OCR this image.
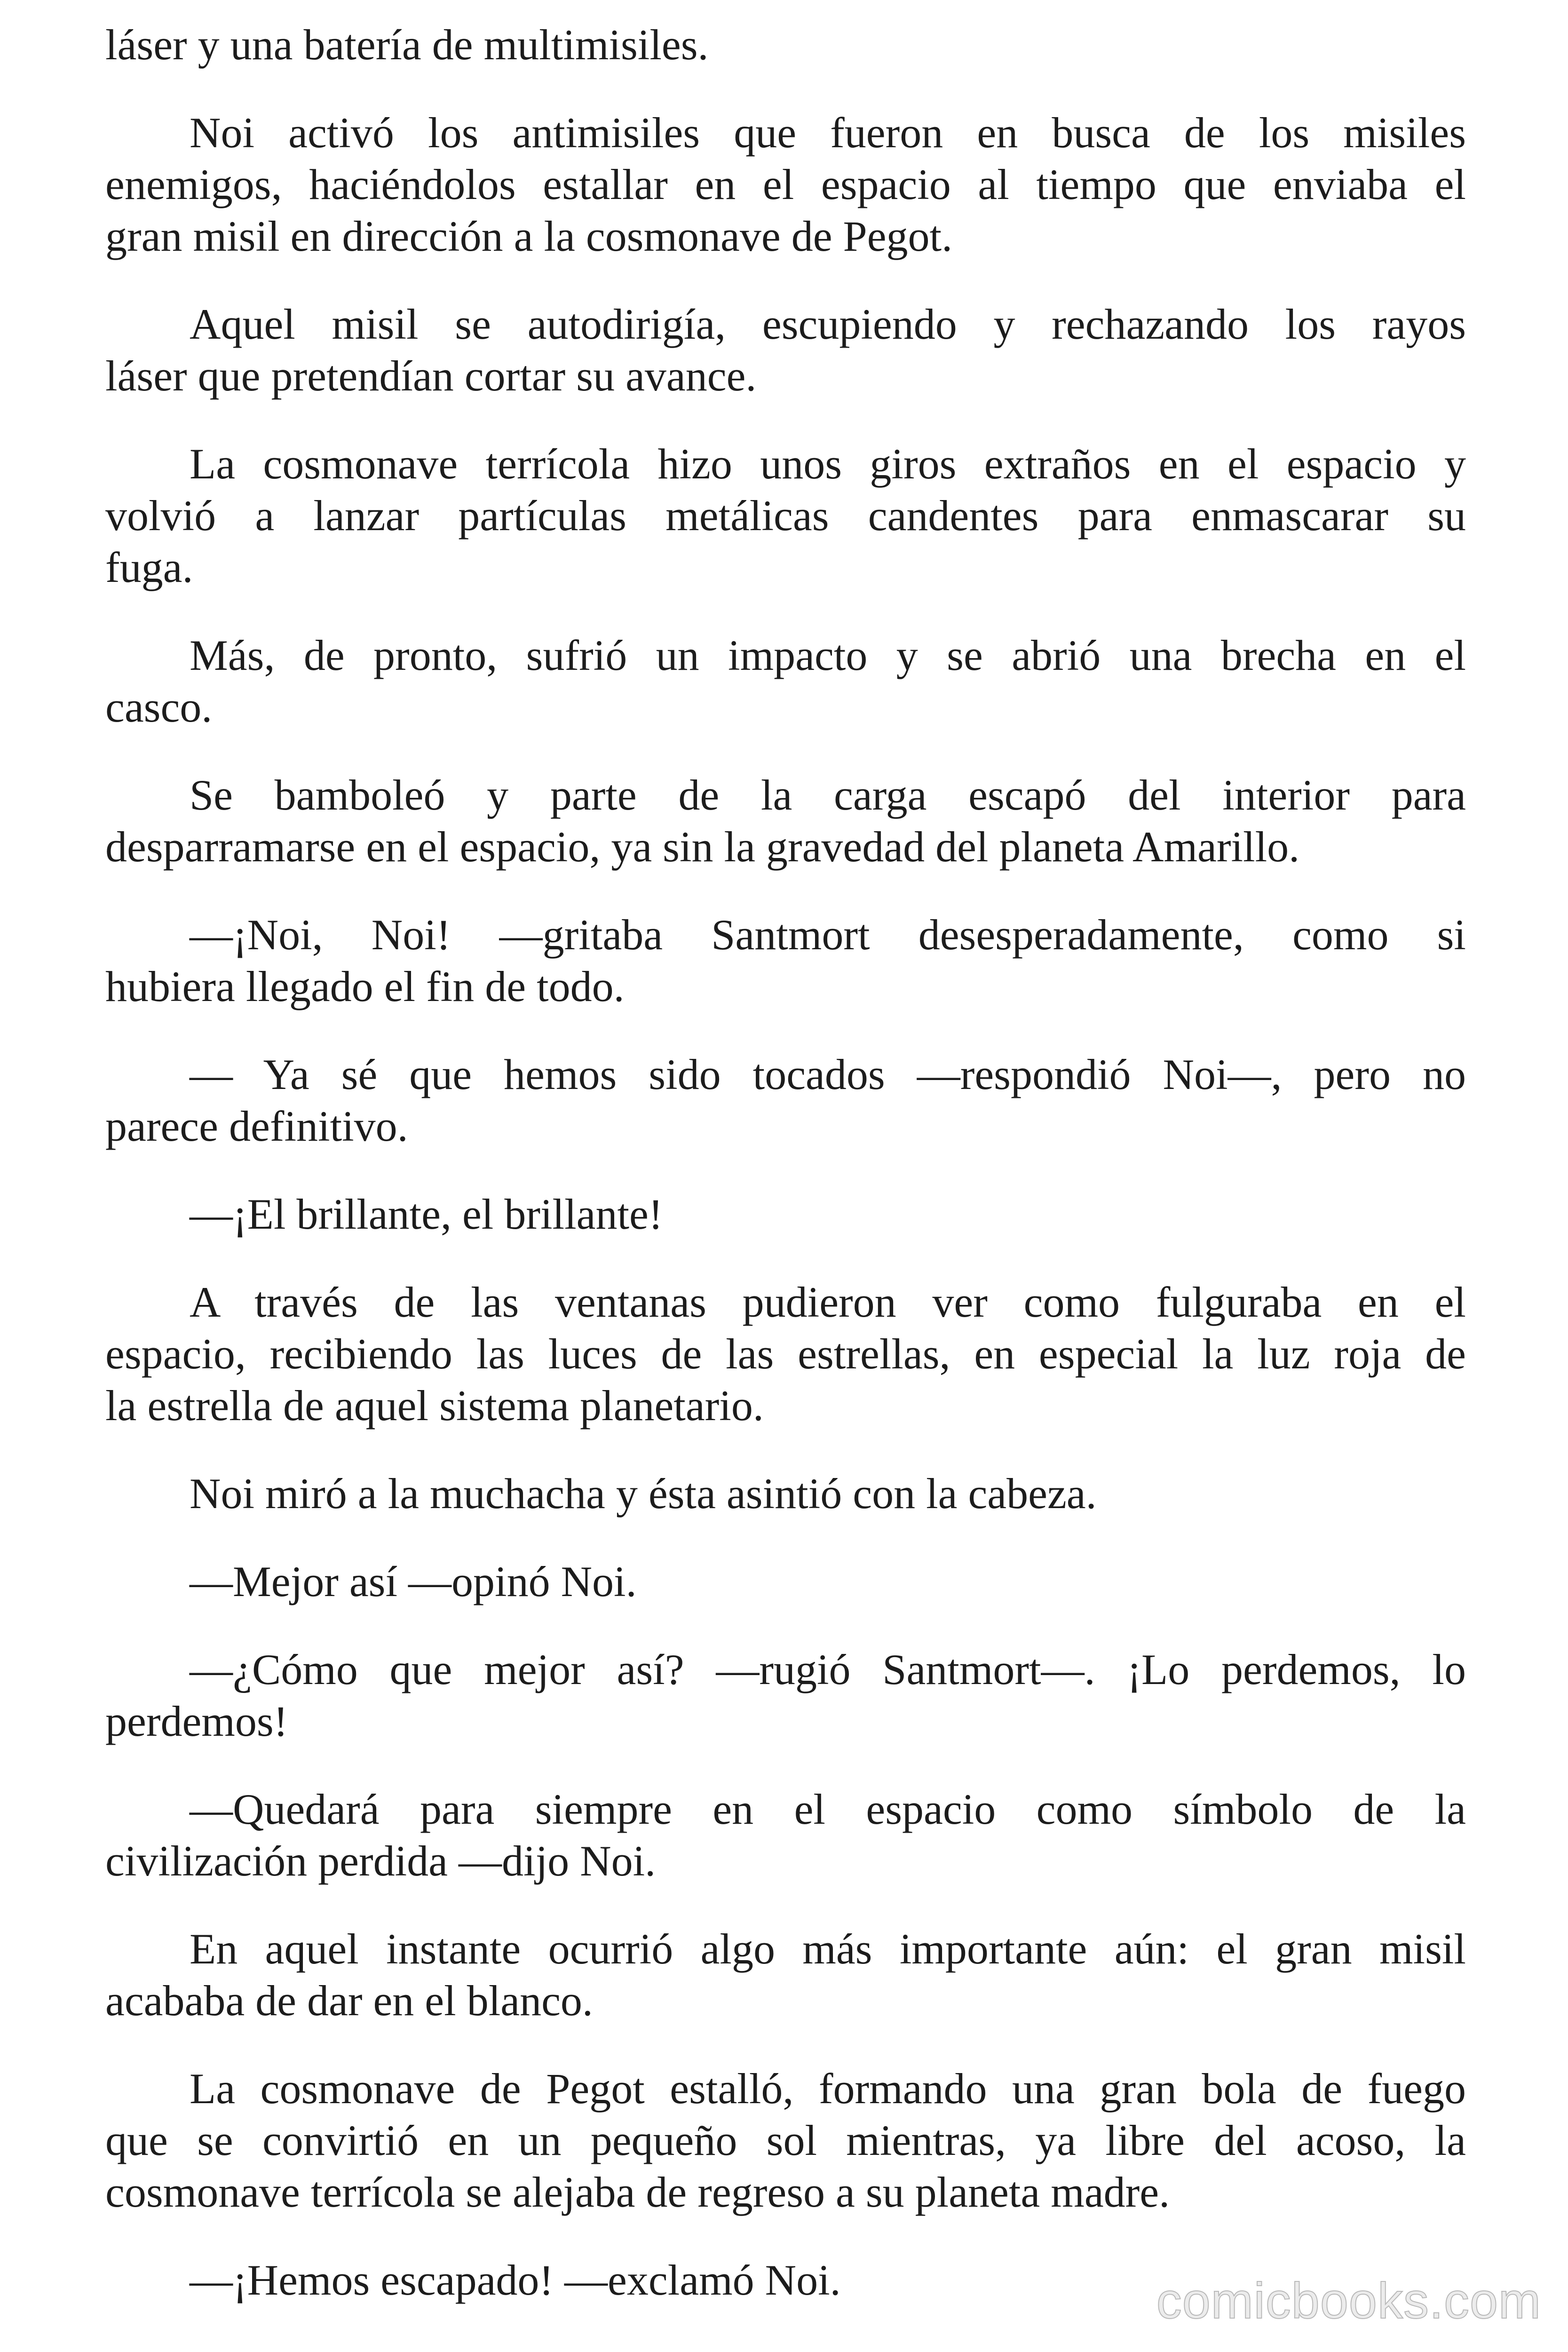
láser y una batería de multimisiles.
Noi activó los antimisiles que fueron en busca de los misiles
enemigos, haciéndolos estallar en el espacio al tiempo que enviaba el
gran misil en dirección a la cosmonave de Pegot.
Aquel misil se autodirigía, escupiendo y rechazando los rayos
láser que pretendían cortar su avance.
La cosmonave terrícola hizo unos giros extraños en el espacio y
volvió a lanzar partículas metálicas candentes para enmascarar su
fuga.
Más, de pronto, sufrió un impacto y se abrió una brecha en el
casco.
Se bamboleó y parte de la carga escapó del interior para
desparramarse en el espacio, ya sin la gravedad del planeta Amarillo.
—¡Noi, Noi! —gritaba Santmort desesperadamente, como si
hubiera llegado el fin de todo.
— Ya sé que hemos sido tocados —respondió Noi—, pero no
parece definitivo.
—¡El brillante, el brillante!
A través de las ventanas pudieron ver como fulguraba en el
espacio, recibiendo las luces de las estrellas, en especial la luz roja de
la estrella de aquel sistema planetario.
Noi miró a la muchacha y ésta asintió con la cabeza.
—Mejor así —opinó Noi.
—¿Cómo que mejor así? —rugió Santmort—. ¡Lo perdemos, lo
perdemos!
—Quedará para siempre en el espacio como símbolo de la
civilización perdida —dijo Noi.
En aquel instante ocurrió algo más importante aún: el gran misil
acababa de dar en el blanco.
La cosmonave de Pegot estalló, formando una gran bola de fuego
que se convirtió en un pequeño sol mientras, ya libre del acoso, la
cosmonave terrícola se alejaba de regreso a su planeta madre.
—¡Hemos escapado! —exclamó Noi.	comicbooks.com
